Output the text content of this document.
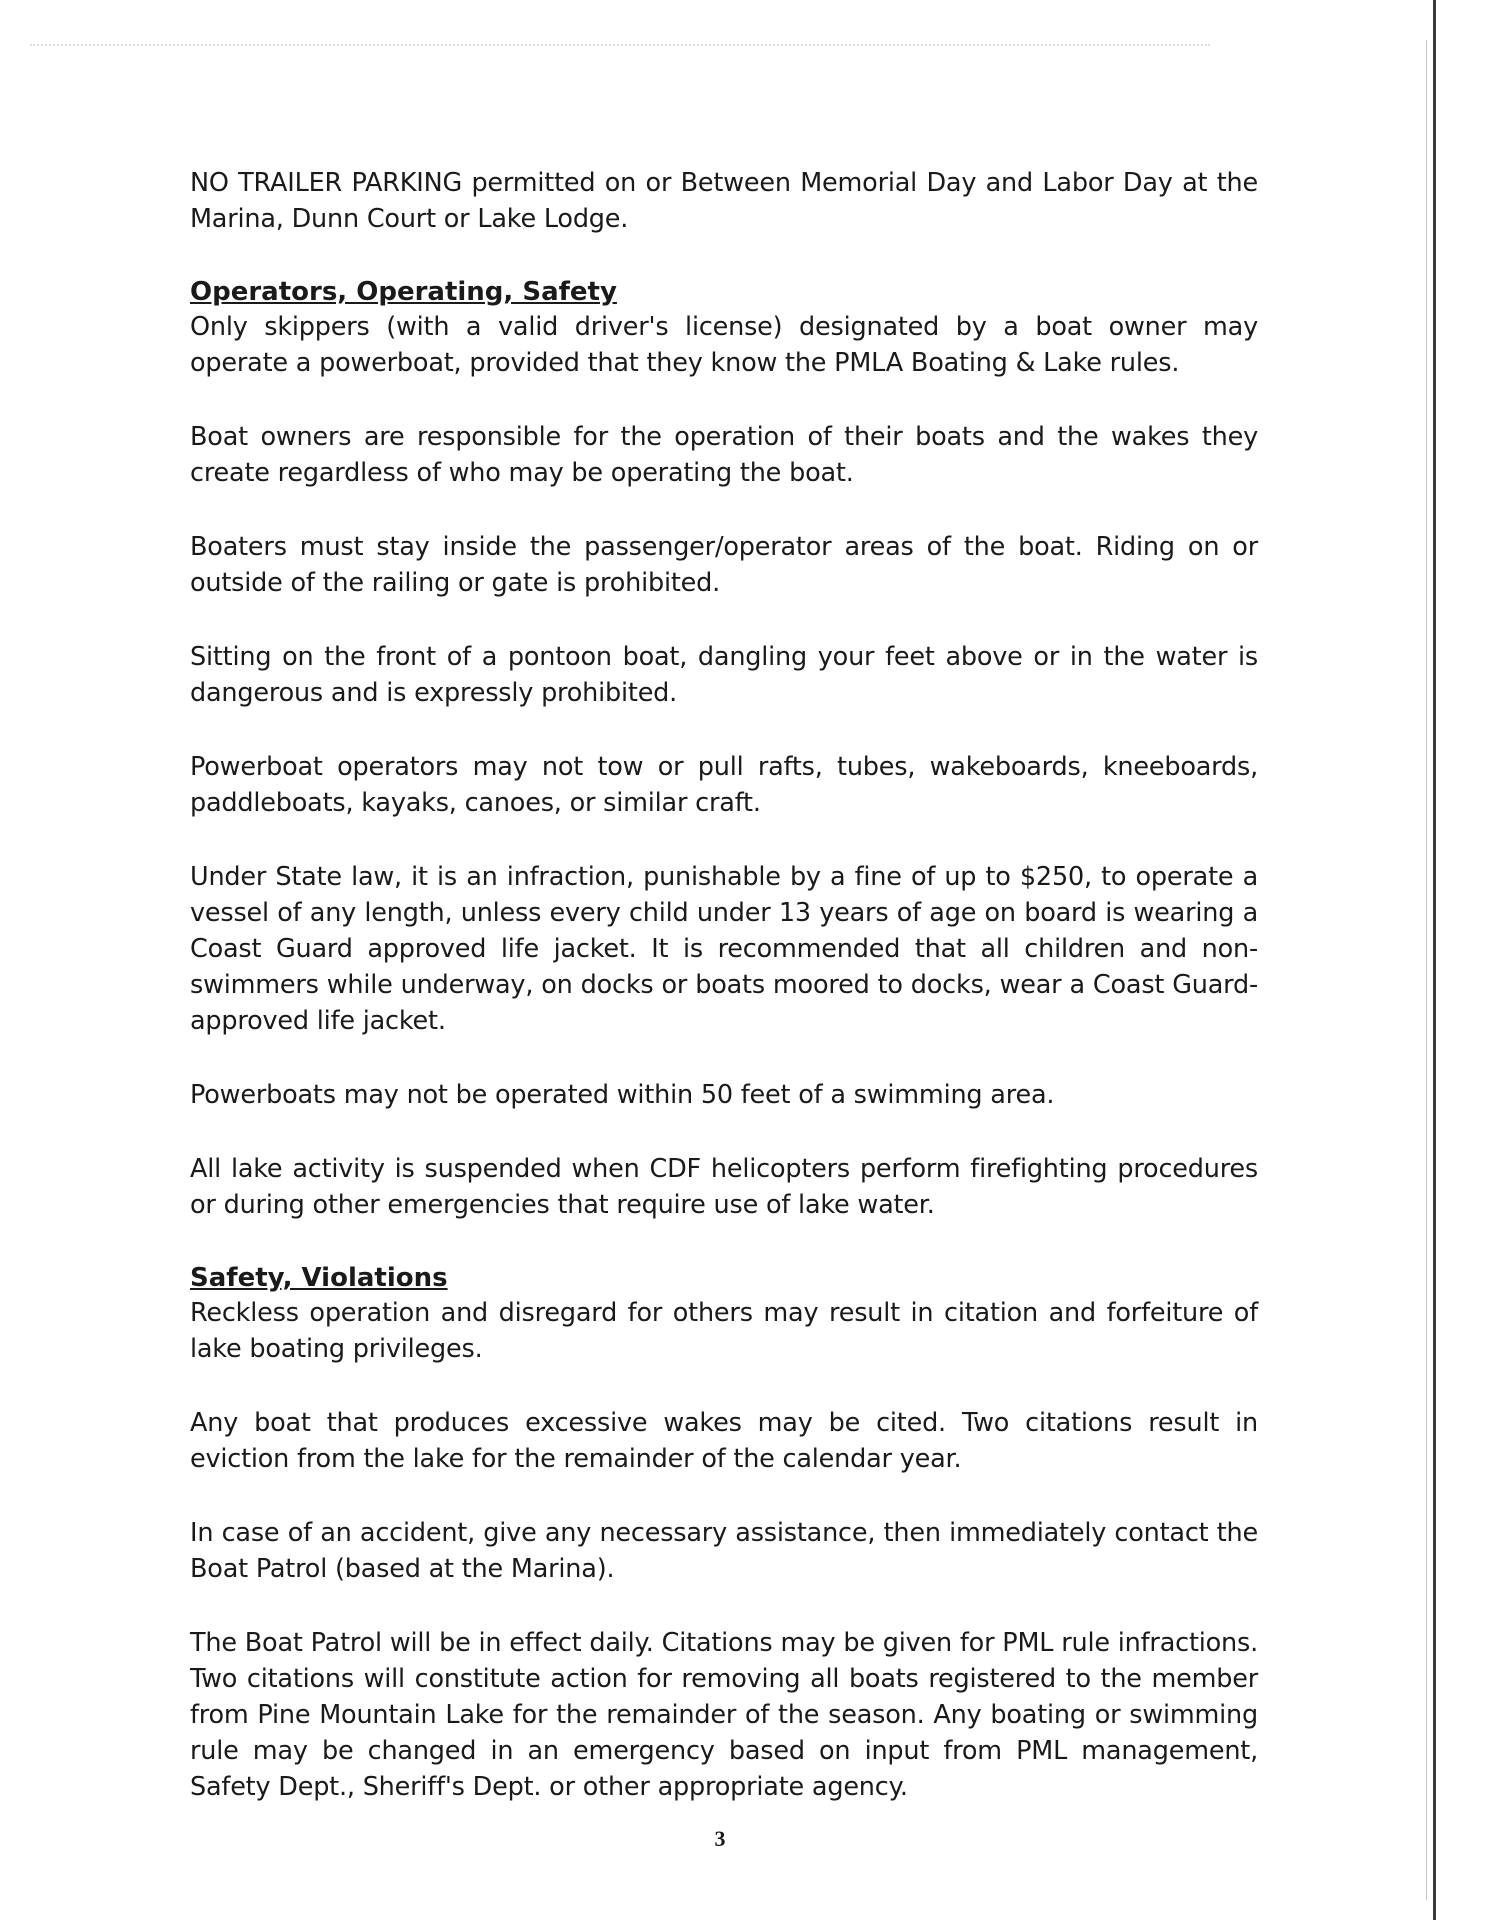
NO TRAILER PARKING permitted on or Between Memorial Day and Labor Day at the Marina, Dunn Court or Lake Lodge.

Operators, Operating, Safety

Only skippers (with a valid driver's license) designated by a boat owner may operate a powerboat, provided that they know the PMLA Boating & Lake rules.

Boat owners are responsible for the operation of their boats and the wakes they create regardless of who may be operating the boat.

Boaters must stay inside the passenger/operator areas of the boat. Riding on or outside of the railing or gate is prohibited.

Sitting on the front of a pontoon boat, dangling your feet above or in the water is dangerous and is expressly prohibited.

Powerboat operators may not tow or pull rafts, tubes, wakeboards, kneeboards, paddleboats, kayaks, canoes, or similar craft.

Under State law, it is an infraction, punishable by a fine of up to $250, to operate a vessel of any length, unless every child under 13 years of age on board is wearing a Coast Guard approved life jacket. It is recommended that all children and non-swimmers while underway, on docks or boats moored to docks, wear a Coast Guard-approved life jacket.

Powerboats may not be operated within 50 feet of a swimming area.

All lake activity is suspended when CDF helicopters perform firefighting procedures or during other emergencies that require use of lake water.

Safety, Violations

Reckless operation and disregard for others may result in citation and forfeiture of lake boating privileges.

Any boat that produces excessive wakes may be cited. Two citations result in eviction from the lake for the remainder of the calendar year.

In case of an accident, give any necessary assistance, then immediately contact the Boat Patrol (based at the Marina).

The Boat Patrol will be in effect daily. Citations may be given for PML rule infractions. Two citations will constitute action for removing all boats registered to the member from Pine Mountain Lake for the remainder of the season. Any boating or swimming rule may be changed in an emergency based on input from PML management, Safety Dept., Sheriff's Dept. or other appropriate agency.

3
